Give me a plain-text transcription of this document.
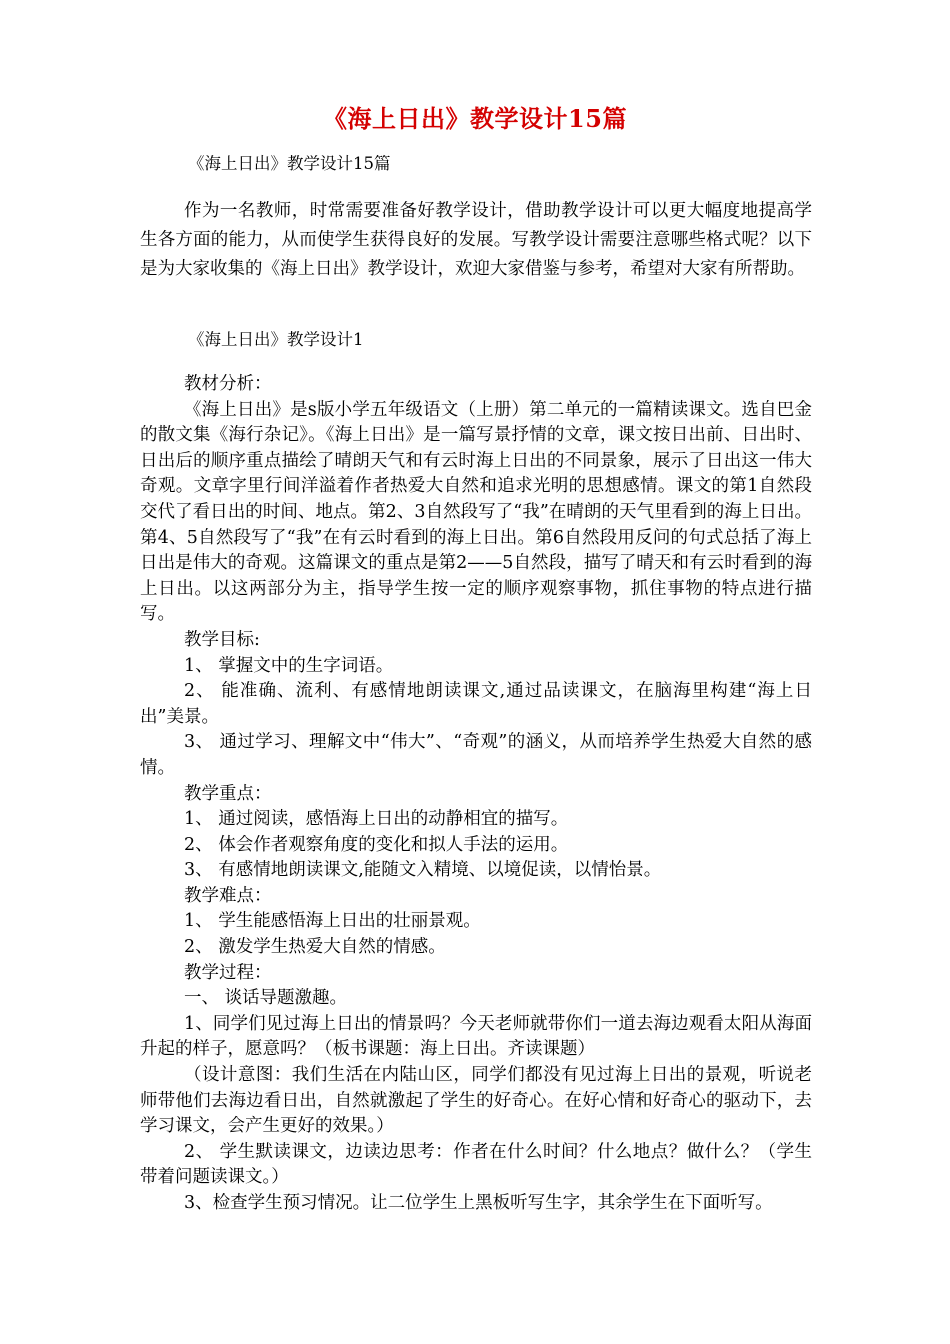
《海上日出》教学设计15篇

《海上日出》教学设计15篇

作为一名教师，时常需要准备好教学设计，借助教学设计可以更大幅度地提高学生各方面的能力，从而使学生获得良好的发展。写教学设计需要注意哪些格式呢？以下是为大家收集的《海上日出》教学设计，欢迎大家借鉴与参考，希望对大家有所帮助。

《海上日出》教学设计1

教材分析：

《海上日出》是s版小学五年级语文（上册）第二单元的一篇精读课文。选自巴金的散文集《海行杂记》。《海上日出》是一篇写景抒情的文章，课文按日出前、日出时、日出后的顺序重点描绘了晴朗天气和有云时海上日出的不同景象，展示了日出这一伟大奇观。文章字里行间洋溢着作者热爱大自然和追求光明的思想感情。课文的第1自然段交代了看日出的时间、地点。第2、3自然段写了“我”在晴朗的天气里看到的海上日出。第4、5自然段写了“我”在有云时看到的海上日出。第6自然段用反问的句式总括了海上日出是伟大的奇观。这篇课文的重点是第2——5自然段，描写了晴天和有云时看到的海上日出。以这两部分为主，指导学生按一定的顺序观察事物，抓住事物的特点进行描写。

教学目标:

1、 掌握文中的生字词语。

2、 能准确、流利、有感情地朗读课文,通过品读课文，在脑海里构建“海上日出”美景。

3、 通过学习、理解文中“伟大”、“奇观”的涵义，从而培养学生热爱大自然的感情。

教学重点：

1、 通过阅读，感悟海上日出的动静相宜的描写。

2、 体会作者观察角度的变化和拟人手法的运用。

3、 有感情地朗读课文,能随文入精境、以境促读，以情怡景。

教学难点：

1、 学生能感悟海上日出的壮丽景观。

2、 激发学生热爱大自然的情感。

教学过程：

一、 谈话导题激趣。

1、同学们见过海上日出的情景吗？今天老师就带你们一道去海边观看太阳从海面升起的样子，愿意吗？（板书课题：海上日出。齐读课题）

（设计意图：我们生活在内陆山区，同学们都没有见过海上日出的景观，听说老师带他们去海边看日出，自然就激起了学生的好奇心。在好心情和好奇心的驱动下，去学习课文，会产生更好的效果。）

2、 学生默读课文，边读边思考：作者在什么时间？什么地点？做什么？（学生带着问题读课文。）

3、检查学生预习情况。让二位学生上黑板听写生字，其余学生在下面听写。
